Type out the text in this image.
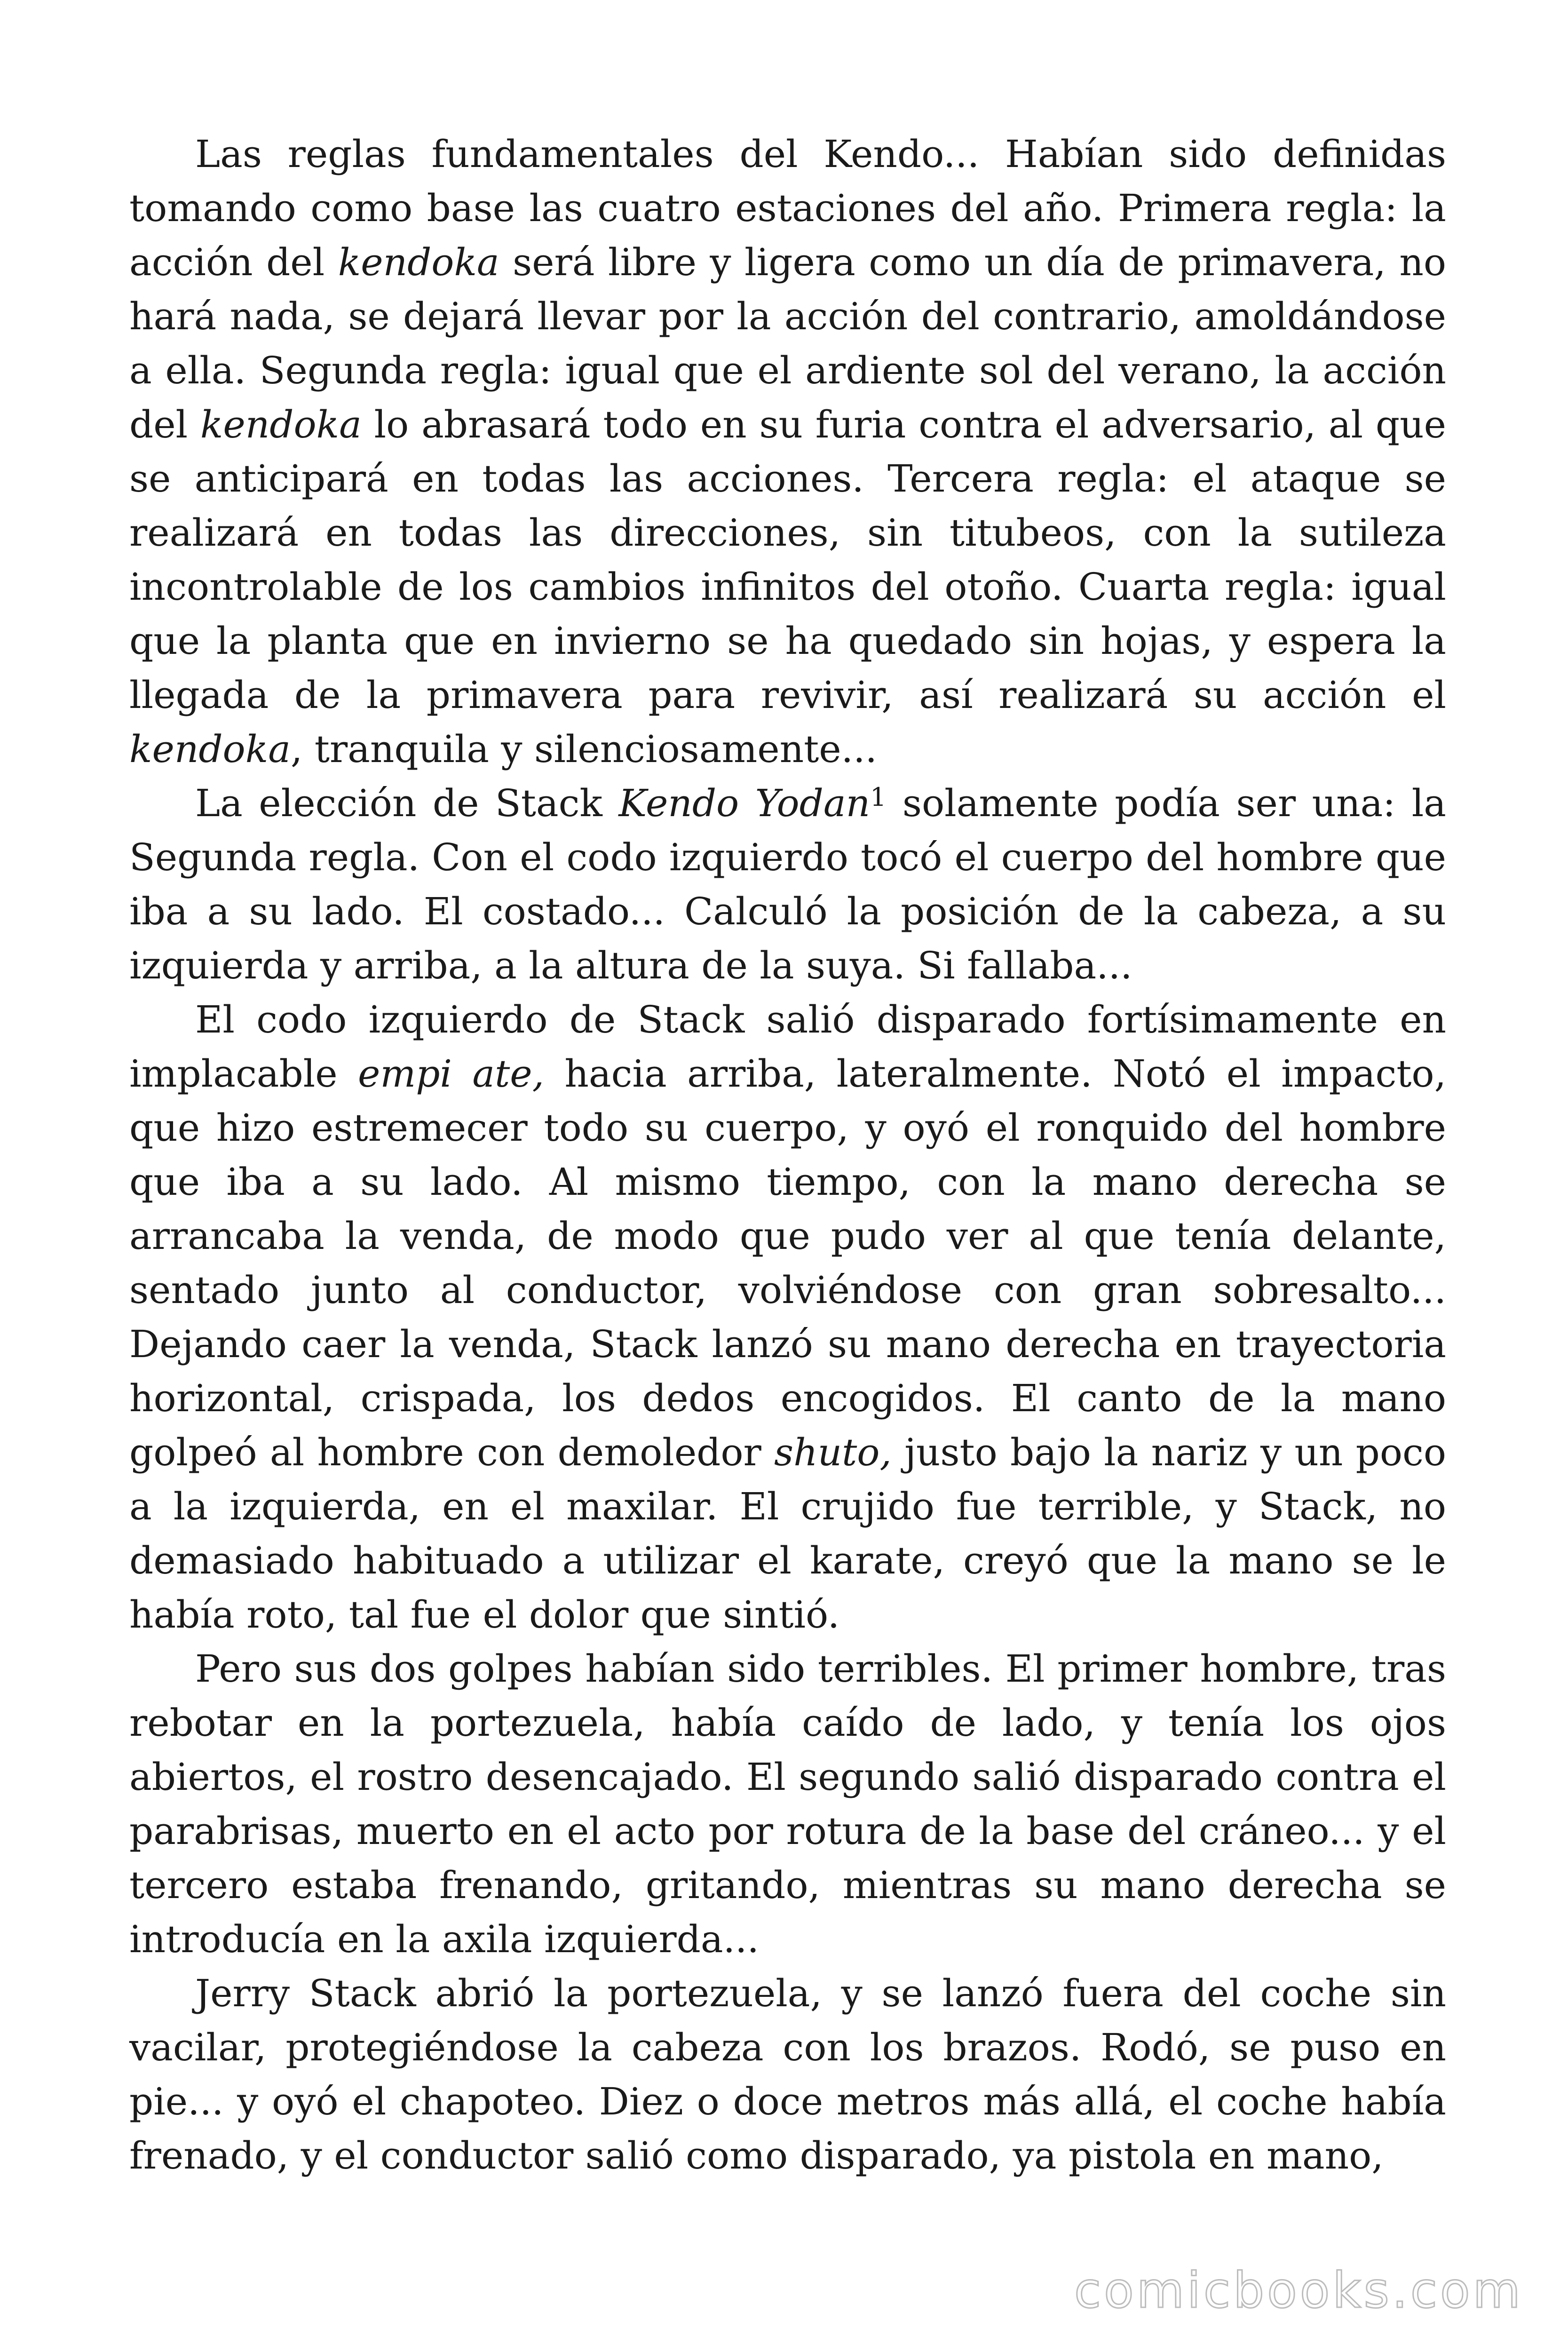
Las reglas fundamentales del Kendo... Habían sido definidas tomando como base las cuatro estaciones del año. Primera regla: la acción del kendoka será libre y ligera como un día de primavera, no hará nada, se dejará llevar por la acción del contrario, amoldándose a ella. Segunda regla: igual que el ardiente sol del verano, la acción del kendoka lo abrasará todo en su furia contra el adversario, al que se anticipará en todas las acciones. Tercera regla: el ataque se realizará en todas las direcciones, sin titubeos, con la sutileza incontrolable de los cambios infinitos del otoño. Cuarta regla: igual que la planta que en invierno se ha quedado sin hojas, y espera la llegada de la primavera para revivir, así realizará su acción el kendoka, tranquila y silenciosamente...

La elección de Stack Kendo Yodan$^1$ solamente podía ser una: la Segunda regla. Con el codo izquierdo tocó el cuerpo del hombre que iba a su lado. El costado... Calculó la posición de la cabeza, a su izquierda y arriba, a la altura de la suya. Si fallaba...

El codo izquierdo de Stack salió disparado fortísimamente en implacable empi ate, hacia arriba, lateralmente. Notó el impacto, que hizo estremecer todo su cuerpo, y oyó el ronquido del hombre que iba a su lado. Al mismo tiempo, con la mano derecha se arrancaba la venda, de modo que pudo ver al que tenía delante, sentado junto al conductor, volviéndose con gran sobresalto... Dejando caer la venda, Stack lanzó su mano derecha en trayectoria horizontal, crispada, los dedos encogidos. El canto de la mano golpeó al hombre con demoledor shuto, justo bajo la nariz y un poco a la izquierda, en el maxilar. El crujido fue terrible, y Stack, no demasiado habituado a utilizar el karate, creyó que la mano se le había roto, tal fue el dolor que sintió.

Pero sus dos golpes habían sido terribles. El primer hombre, tras rebotar en la portezuela, había caído de lado, y tenía los ojos abiertos, el rostro desencajado. El segundo salió disparado contra el parabrisas, muerto en el acto por rotura de la base del cráneo... y el tercero estaba frenando, gritando, mientras su mano derecha se introducía en la axila izquierda...

Jerry Stack abrió la portezuela, y se lanzó fuera del coche sin vacilar, protegiéndose la cabeza con los brazos. Rodó, se puso en pie... y oyó el chapoteo. Diez o doce metros más allá, el coche había frenado, y el conductor salió como disparado, ya pistola en mano,

comicbooks.com
